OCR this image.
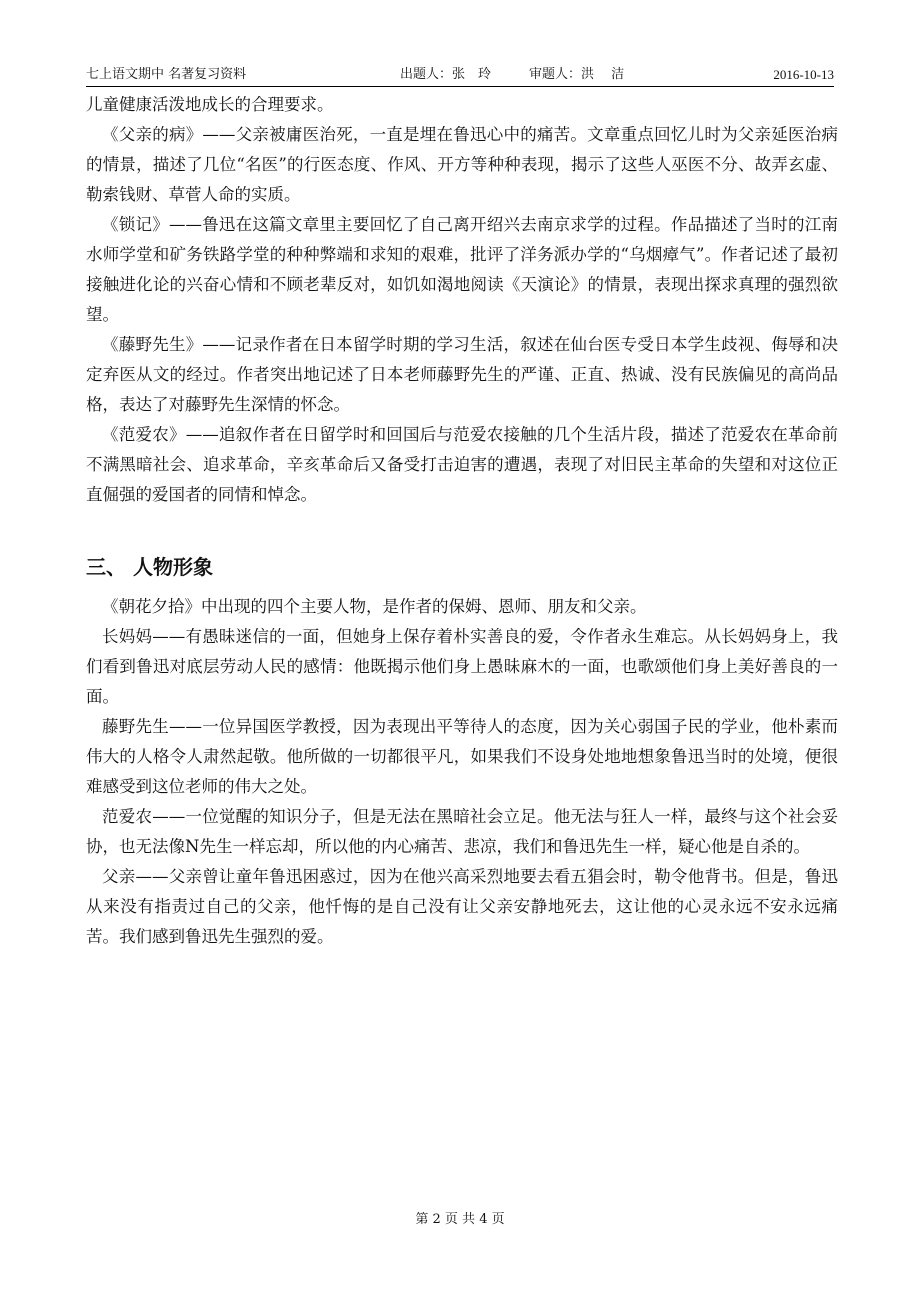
七上语文期中 名著复习资料	出题人：张　玲	审题人：洪　 洁	2016-10-13

儿童健康活泼地成长的合理要求。

《父亲的病》——父亲被庸医治死，一直是埋在鲁迅心中的痛苦。文章重点回忆儿时为父亲延医治病的情景，描述了几位“名医”的行医态度、作风、开方等种种表现，揭示了这些人巫医不分、故弄玄虚、勒索钱财、草菅人命的实质。

《锁记》——鲁迅在这篇文章里主要回忆了自己离开绍兴去南京求学的过程。作品描述了当时的江南水师学堂和矿务铁路学堂的种种弊端和求知的艰难，批评了洋务派办学的“乌烟瘴气”。作者记述了最初接触进化论的兴奋心情和不顾老辈反对，如饥如渴地阅读《天演论》的情景，表现出探求真理的强烈欲望。

《藤野先生》——记录作者在日本留学时期的学习生活，叙述在仙台医专受日本学生歧视、侮辱和决定弃医从文的经过。作者突出地记述了日本老师藤野先生的严谨、正直、热诚、没有民族偏见的高尚品格，表达了对藤野先生深情的怀念。

《范爱农》——追叙作者在日留学时和回国后与范爱农接触的几个生活片段，描述了范爱农在革命前不满黑暗社会、追求革命，辛亥革命后又备受打击迫害的遭遇，表现了对旧民主革命的失望和对这位正直倔强的爱国者的同情和悼念。

三、 人物形象

《朝花夕拾》中出现的四个主要人物，是作者的保姆、恩师、朋友和父亲。

长妈妈——有愚昧迷信的一面，但她身上保存着朴实善良的爱，令作者永生难忘。从长妈妈身上，我们看到鲁迅对底层劳动人民的感情：他既揭示他们身上愚昧麻木的一面，也歌颂他们身上美好善良的一面。

藤野先生——一位异国医学教授，因为表现出平等待人的态度，因为关心弱国子民的学业，他朴素而伟大的人格令人肃然起敬。他所做的一切都很平凡，如果我们不设身处地地想象鲁迅当时的处境，便很难感受到这位老师的伟大之处。

范爱农——一位觉醒的知识分子，但是无法在黑暗社会立足。他无法与狂人一样，最终与这个社会妥协，也无法像N先生一样忘却，所以他的内心痛苦、悲凉，我们和鲁迅先生一样，疑心他是自杀的。

父亲——父亲曾让童年鲁迅困惑过，因为在他兴高采烈地要去看五猖会时，勒令他背书。但是，鲁迅从来没有指责过自己的父亲，他忏悔的是自己没有让父亲安静地死去，这让他的心灵永远不安永远痛苦。我们感到鲁迅先生强烈的爱。

第 2 页 共 4 页
